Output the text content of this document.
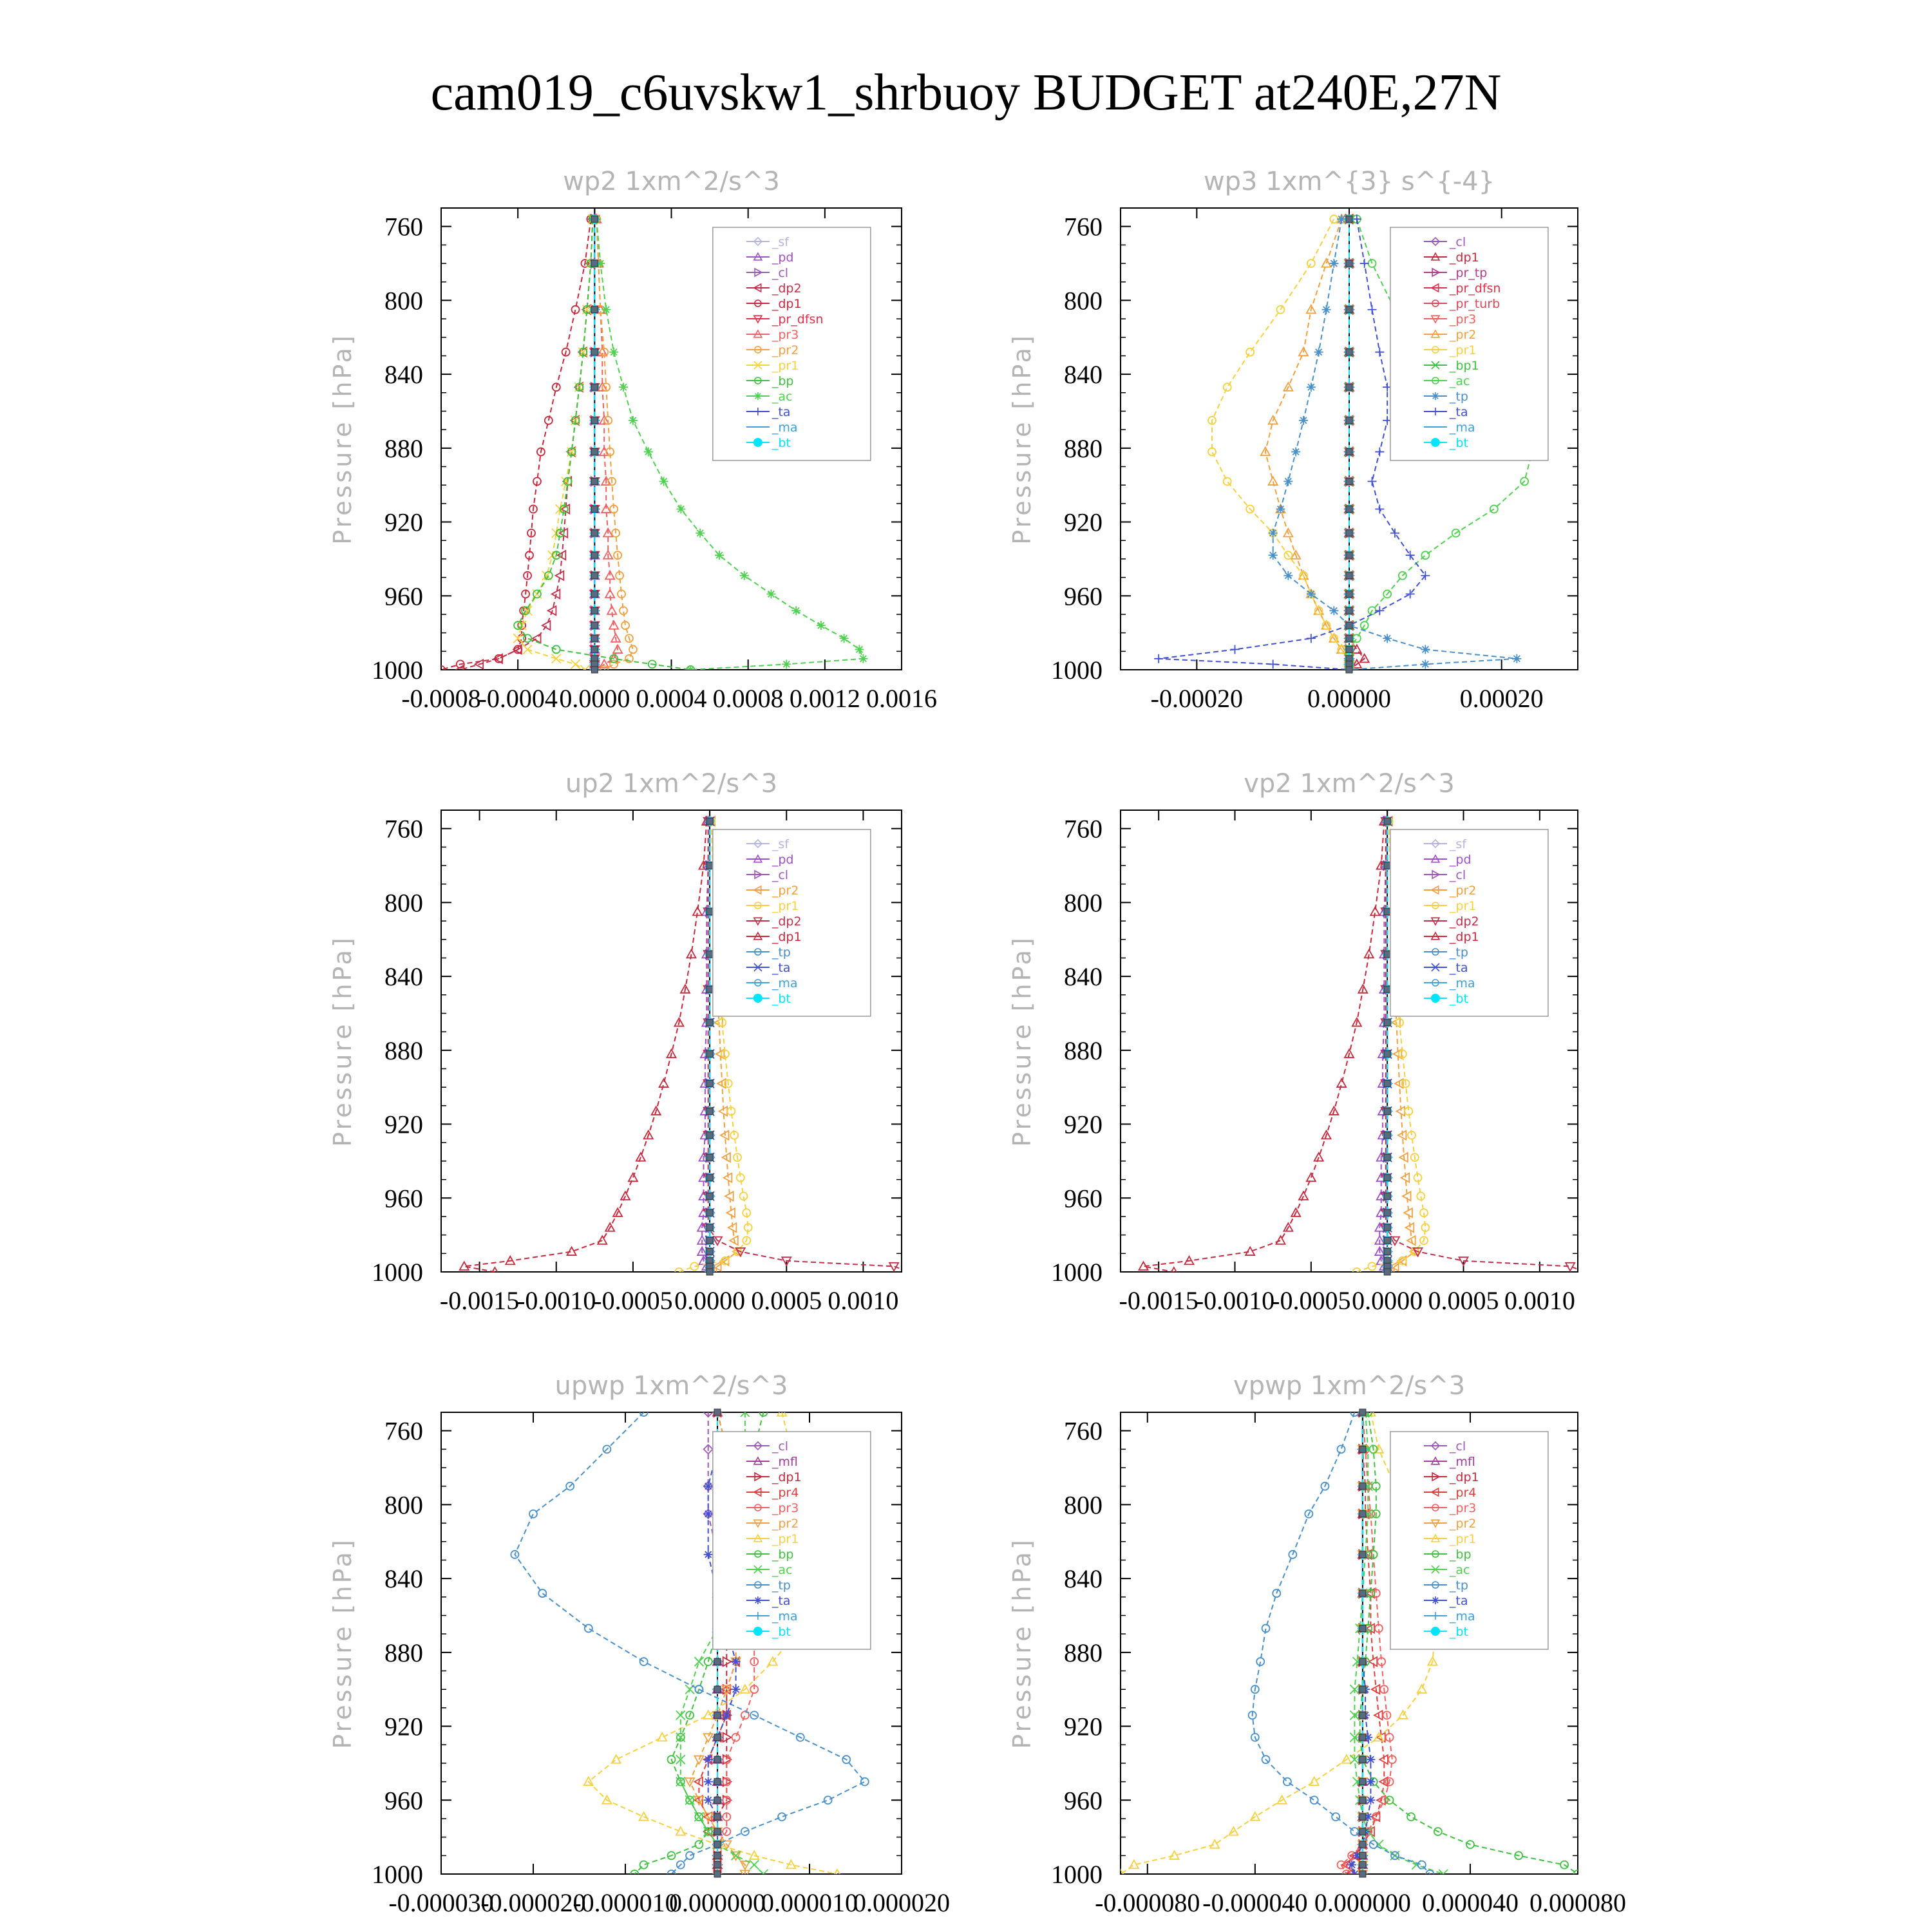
cam019_c6uvskw1_shrbuoy BUDGET at240E,27N
wp2 1xm^2/s^3
Pressure [hPa]
760
800
840
880
920
960
1000
-0.0008
-0.0004 0.0000 0.0004 0.0008 0.0012 0.0016
_sf
_pd
_cl
_dp2
_dp1
_pr_dfsn
_pr3
_pr2
_pr1
_bp
_ac
_ta
_ma
_bt
wp3 1xm^{3} s^{-4}
Pressure [hPa]
760
800
840
880
920
960
1000
-0.00020	0.00000	0.00020
_cl
_dp1
_pr_tp
_pr_dfsn
_pr_turb
_pr3
_pr2
_pr1
_bp1
_ac
_tp
_ta
_ma
_bt
up2 1xm^2/s^3
Pressure [hPa]
760
800
840
880
920
960
1000
-0.0015
-0.0010
-0.0005 0.0000 0.0005 0.0010
_sf
_pd
_cl
_pr2
_pr1
_dp2
_dp1
_tp
_ta
_ma
_bt
vp2 1xm^2/s^3
Pressure [hPa]
760
800
840
880
920
960
1000
-0.0015
-0.0010
-0.0005 0.0000 0.0005 0.0010
_sf
_pd
_cl
_pr2
_pr1
_dp2
_dp1
_tp
_ta
_ma
_bt
upwp 1xm^2/s^3
Pressure [hPa]
760
800
840
880
920
960
1000
-0.000030
-0.000020
-0.000010
0.000000
0.000010
0.000020
_cl
_mfl
_dp1
_pr4
_pr3
_pr2
_pr1
_bp
_ac
_tp
_ta
_ma
_bt
vpwp 1xm^2/s^3
Pressure [hPa]
760
800
840
880
920
960
1000
-0.000080 -0.000040 0.000000 0.000040 0.000080
_cl
_mfl
_dp1
_pr4
_pr3
_pr2
_pr1
_bp
_ac
_tp
_ta
_ma
_bt
